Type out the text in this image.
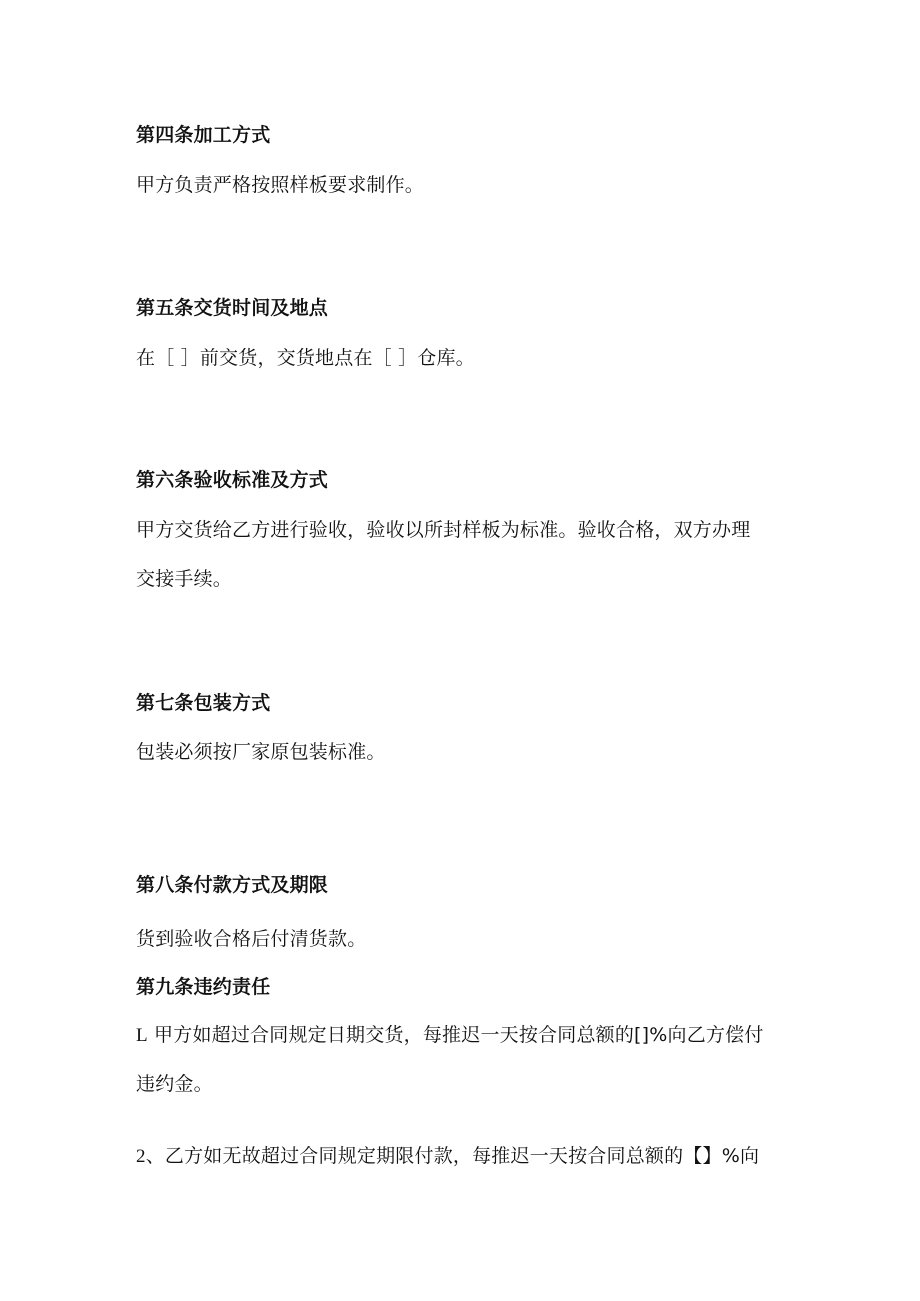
第四条加工方式
甲方负责严格按照样板要求制作。
第五条交货时间及地点
在［ ］前交货，交货地点在［ ］仓库。
第六条验收标准及方式
甲方交货给乙方进行验收，验收以所封样板为标准。验收合格，双方办理
交接手续。
第七条包装方式
包装必须按厂家原包装标准。
第八条付款方式及期限
货到验收合格后付清货款。
第九条违约责任
L 甲方如超过合同规定日期交货，每推迟一天按合同总额的[]%向乙方偿付
违约金。
2、乙方如无故超过合同规定期限付款，每推迟一天按合同总额的【】%向
